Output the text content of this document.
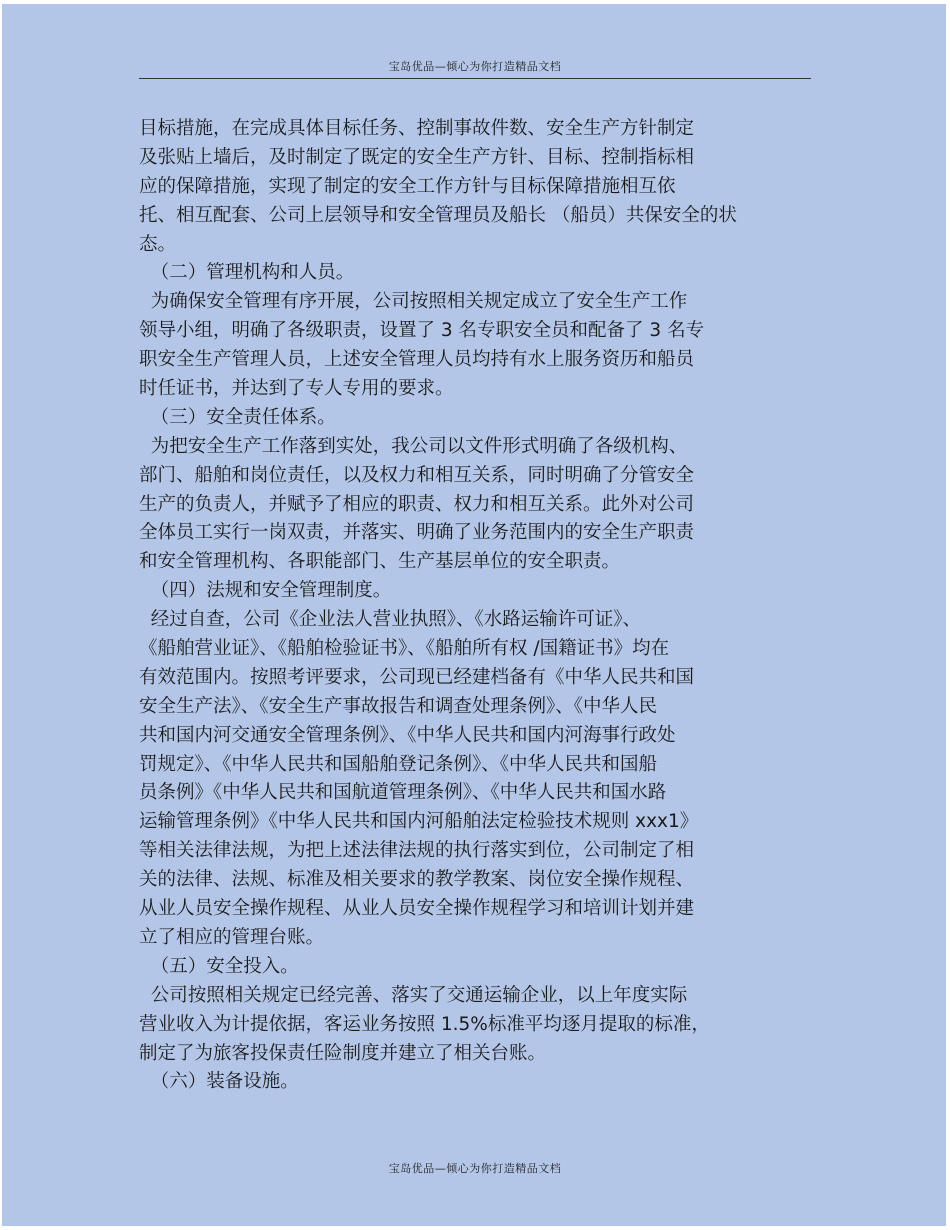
宝岛优品—倾心为你打造精品文档
目标措施，在完成具体目标任务、控制事故件数、安全生产方针制定
及张贴上墙后，及时制定了既定的安全生产方针、目标、控制指标相
应的保障措施，实现了制定的安全工作方针与目标保障措施相互依
托、相互配套、公司上层领导和安全管理员及船长 （船员）共保安全的状
态。
（二）管理机构和人员。
为确保安全管理有序开展，公司按照相关规定成立了安全生产工作
领导小组，明确了各级职责，设置了 3 名专职安全员和配备了 3 名专
职安全生产管理人员，上述安全管理人员均持有水上服务资历和船员
时任证书，并达到了专人专用的要求。
（三）安全责任体系。
为把安全生产工作落到实处，我公司以文件形式明确了各级机构、
部门、船舶和岗位责任，以及权力和相互关系，同时明确了分管安全
生产的负责人，并赋予了相应的职责、权力和相互关系。此外对公司
全体员工实行一岗双责，并落实、明确了业务范围内的安全生产职责
和安全管理机构、各职能部门、生产基层单位的安全职责。
（四）法规和安全管理制度。
经过自查，公司《企业法人营业执照》、《水路运输许可证》、
《船舶营业证》、《船舶检验证书》、《船舶所有权 /国籍证书》均在
有效范围内。按照考评要求，公司现已经建档备有《中华人民共和国
安全生产法》、《安全生产事故报告和调查处理条例》、《中华人民
共和国内河交通安全管理条例》、《中华人民共和国内河海事行政处
罚规定》、《中华人民共和国船舶登记条例》、《中华人民共和国船
员条例》《中华人民共和国航道管理条例》、《中华人民共和国水路
运输管理条例》《中华人民共和国内河船舶法定检验技术规则 xxx1》
等相关法律法规，为把上述法律法规的执行落实到位，公司制定了相
关的法律、法规、标准及相关要求的教学教案、岗位安全操作规程、
从业人员安全操作规程、从业人员安全操作规程学习和培训计划并建
立了相应的管理台账。
（五）安全投入。
公司按照相关规定已经完善、落实了交通运输企业，以上年度实际
营业收入为计提依据，客运业务按照 1.5%标准平均逐月提取的标准，
制定了为旅客投保责任险制度并建立了相关台账。
（六）装备设施。
宝岛优品—倾心为你打造精品文档
